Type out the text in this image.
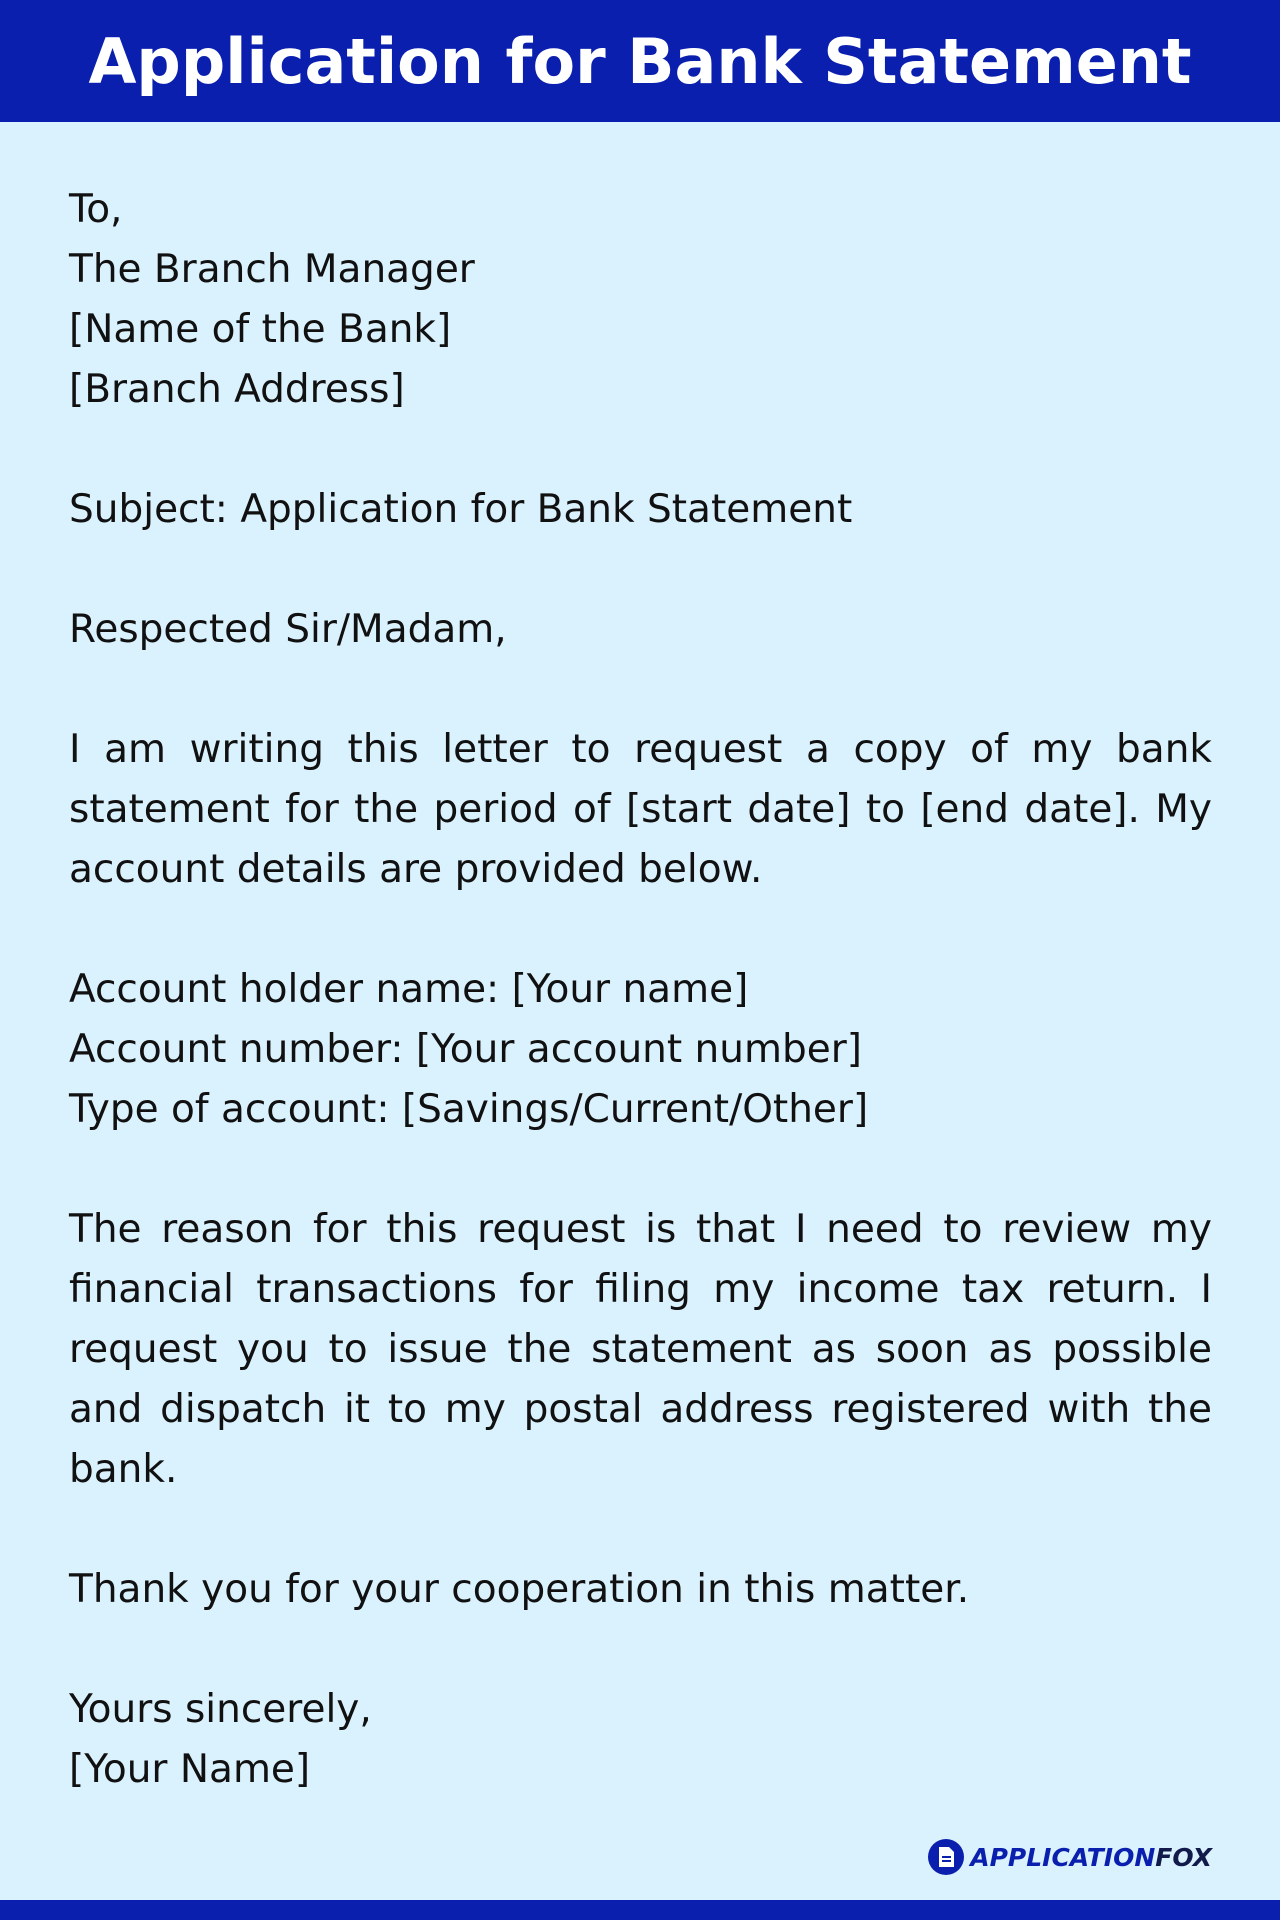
Application for Bank Statement
To,
The Branch Manager
[Name of the Bank]
[Branch Address]
Subject: Application for Bank Statement
Respected Sir/Madam,
I am writing this letter to request a copy of my bank statement for the period of [start date] to [end date]. My account details are provided below.
Account holder name: [Your name]
Account number: [Your account number]
Type of account: [Savings/Current/Other]
The reason for this request is that I need to review my financial transactions for filing my income tax return. I request you to issue the statement as soon as possible and dispatch it to my postal address registered with the bank.
Thank you for your cooperation in this matter.
Yours sincerely,
[Your Name]
APPLICATIONFOX
